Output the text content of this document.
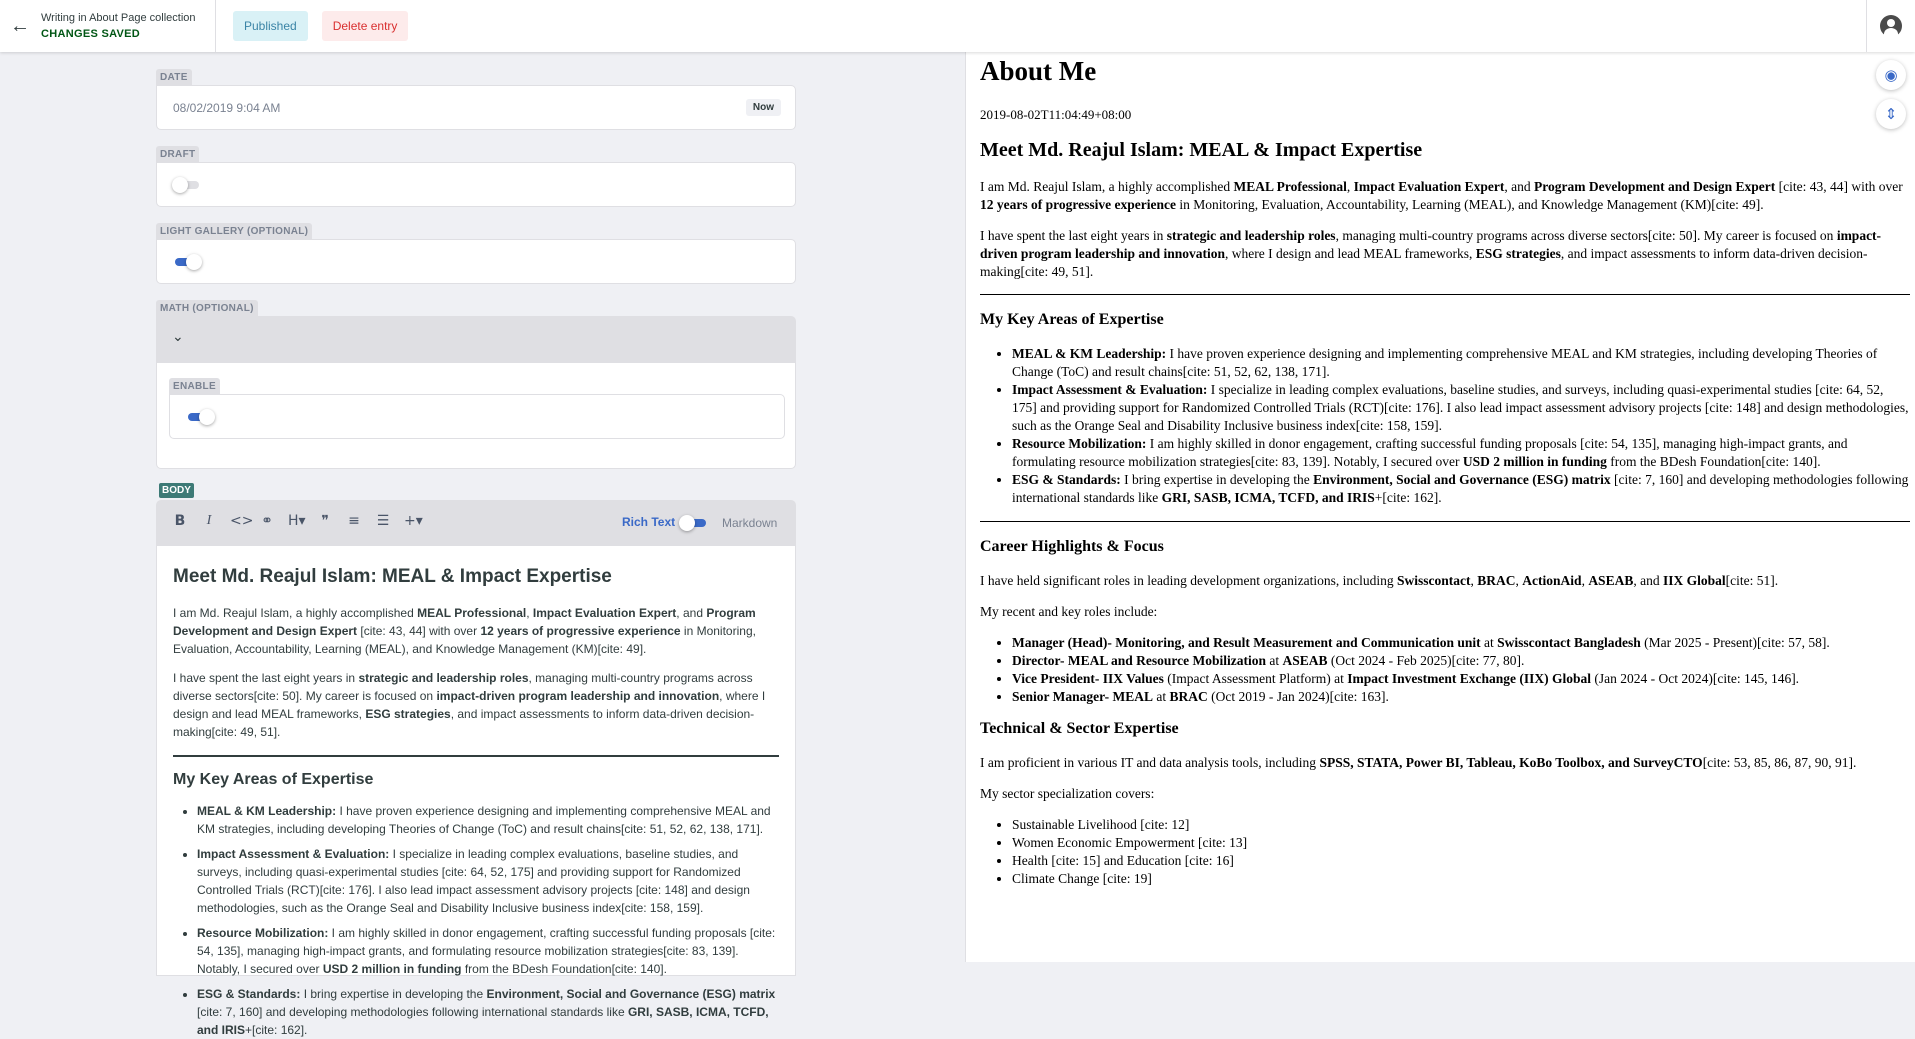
← Writing in About Page collection
CHANGES SAVED
Published	Delete entry
DATE
08/02/2019 9:04 AM	Now
DRAFT
LIGHT GALLERY (OPTIONAL)
MATH (OPTIONAL)
⌄
ENABLE
BODY
B	I	<> ⚭ H▾	❞	≡ ☰ +▾	Rich Text	Markdown
Meet Md. Reajul Islam: MEAL & Impact Expertise

I am Md. Reajul Islam, a highly accomplished MEAL Professional, Impact Evaluation Expert, and Program Development and Design Expert [cite: 43, 44] with over 12 years of progressive experience in Monitoring, Evaluation, Accountability, Learning (MEAL), and Knowledge Management (KM)[cite: 49].

I have spent the last eight years in strategic and leadership roles, managing multi-country programs across diverse sectors[cite: 50]. My career is focused on impact-driven program leadership and innovation, where I design and lead MEAL frameworks, ESG strategies, and impact assessments to inform data-driven decision-making[cite: 49, 51].

My Key Areas of Expertise
• MEAL & KM Leadership: I have proven experience designing and implementing comprehensive MEAL and KM strategies, including developing Theories of Change (ToC) and result chains[cite: 51, 52, 62, 138, 171].
• Impact Assessment & Evaluation: I specialize in leading complex evaluations, baseline studies, and surveys, including quasi-experimental studies [cite: 64, 52, 175] and providing support for Randomized Controlled Trials (RCT)[cite: 176]. I also lead impact assessment advisory projects [cite: 148] and design methodologies, such as the Orange Seal and Disability Inclusive business index[cite: 158, 159].
• Resource Mobilization: I am highly skilled in donor engagement, crafting successful funding proposals [cite: 54, 135], managing high-impact grants, and formulating resource mobilization strategies[cite: 83, 139]. Notably, I secured over USD 2 million in funding from the BDesh Foundation[cite: 140].
• ESG & Standards: I bring expertise in developing the Environment, Social and Governance (ESG) matrix [cite: 7, 160] and developing methodologies following international standards like GRI, SASB, ICMA, TCFD, and IRIS+[cite: 162].
About Me
2019-08-02T11:04:49+08:00
Meet Md. Reajul Islam: MEAL & Impact Expertise

I am Md. Reajul Islam, a highly accomplished MEAL Professional, Impact Evaluation Expert, and Program Development and Design Expert [cite: 43, 44] with over 12 years of progressive experience in Monitoring, Evaluation, Accountability, Learning (MEAL), and Knowledge Management (KM)[cite: 49].

I have spent the last eight years in strategic and leadership roles, managing multi-country programs across diverse sectors[cite: 50]. My career is focused on impact-driven program leadership and innovation, where I design and lead MEAL frameworks, ESG strategies, and impact assessments to inform data-driven decision-making[cite: 49, 51].

My Key Areas of Expertise
• MEAL & KM Leadership: I have proven experience designing and implementing comprehensive MEAL and KM strategies, including developing Theories of Change (ToC) and result chains[cite: 51, 52, 62, 138, 171].
• Impact Assessment & Evaluation: I specialize in leading complex evaluations, baseline studies, and surveys, including quasi-experimental studies [cite: 64, 52, 175] and providing support for Randomized Controlled Trials (RCT)[cite: 176]. I also lead impact assessment advisory projects [cite: 148] and design methodologies, such as the Orange Seal and Disability Inclusive business index[cite: 158, 159].
• Resource Mobilization: I am highly skilled in donor engagement, crafting successful funding proposals [cite: 54, 135], managing high-impact grants, and formulating resource mobilization strategies[cite: 83, 139]. Notably, I secured over USD 2 million in funding from the BDesh Foundation[cite: 140].
• ESG & Standards: I bring expertise in developing the Environment, Social and Governance (ESG) matrix [cite: 7, 160] and developing methodologies following international standards like GRI, SASB, ICMA, TCFD, and IRIS+[cite: 162].
Career Highlights & Focus

I have held significant roles in leading development organizations, including Swisscontact, BRAC, ActionAid, ASEAB, and IIX Global[cite: 51].

My recent and key roles include:

• Manager (Head)- Monitoring, and Result Measurement and Communication unit at Swisscontact Bangladesh (Mar 2025 - Present)[cite: 57, 58].
• Director- MEAL and Resource Mobilization at ASEAB (Oct 2024 - Feb 2025)[cite: 77, 80].
• Vice President- IIX Values (Impact Assessment Platform) at Impact Investment Exchange (IIX) Global (Jan 2024 - Oct 2024)[cite: 145, 146].
• Senior Manager- MEAL at BRAC (Oct 2019 - Jan 2024)[cite: 163].
Technical & Sector Expertise

I am proficient in various IT and data analysis tools, including SPSS, STATA, Power BI, Tableau, KoBo Toolbox, and SurveyCTO[cite: 53, 85, 86, 87, 90, 91].

My sector specialization covers:

• Sustainable Livelihood [cite: 12]
• Women Economic Empowerment [cite: 13]
• Health [cite: 15] and Education [cite: 16]
• Climate Change [cite: 19]
◉
⇕
